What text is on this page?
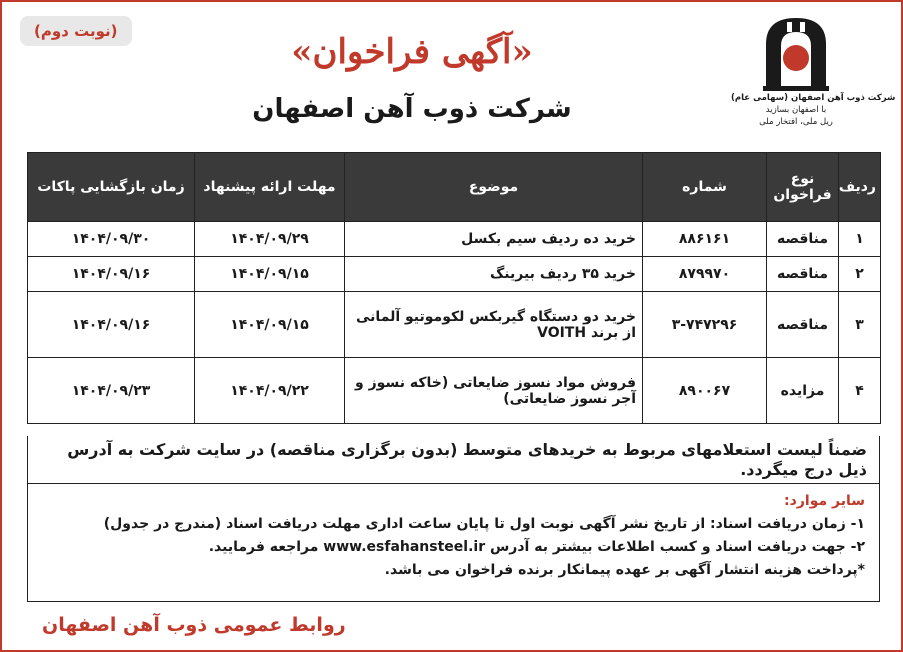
(نوبت دوم)
شرکت ذوب آهن اصفهان (سهامی عام)
با اصفهان بسازید
ریل ملی، افتخار ملی
«آگهی فراخوان»
شرکت ذوب آهن اصفهان
ردیف	نوع فراخوان	شماره	موضوع	مهلت ارائه پیشنهاد	زمان بازگشایی پاکات
۱	مناقصه	۸۸۶۱۶۱	خرید ده ردیف سیم بکسل	۱۴۰۴/۰۹/۲۹	۱۴۰۴/۰۹/۳۰
۲	مناقصه	۸۷۹۹۷۰	خرید ۳۵ ردیف بیرینگ	۱۴۰۴/۰۹/۱۵	۱۴۰۴/۰۹/۱۶
۳	مناقصه	۳-۷۴۷۲۹۶	خرید دو دستگاه گیربکس لکوموتیو آلمانی از برند VOITH	۱۴۰۴/۰۹/۱۵	۱۴۰۴/۰۹/۱۶
۴	مزایده	۸۹۰۰۶۷	فروش مواد نسوز ضایعاتی (خاکه نسوز و آجر نسوز ضایعاتی)	۱۴۰۴/۰۹/۲۲	۱۴۰۴/۰۹/۲۳
ضمناً لیست استعلامهای مربوط به خریدهای متوسط (بدون برگزاری مناقصه) در سایت شرکت به آدرس ذیل درج میگردد.
سایر موارد:
۱- زمان دریافت اسناد: از تاریخ نشر آگهی نوبت اول تا پایان ساعت اداری مهلت دریافت اسناد (مندرج در جدول)
۲- جهت دریافت اسناد و کسب اطلاعات بیشتر به آدرس www.esfahansteel.ir مراجعه فرمایید.
*پرداخت هزینه انتشار آگهی بر عهده پیمانکار برنده فراخوان می باشد.
روابط عمومی ذوب آهن اصفهان
